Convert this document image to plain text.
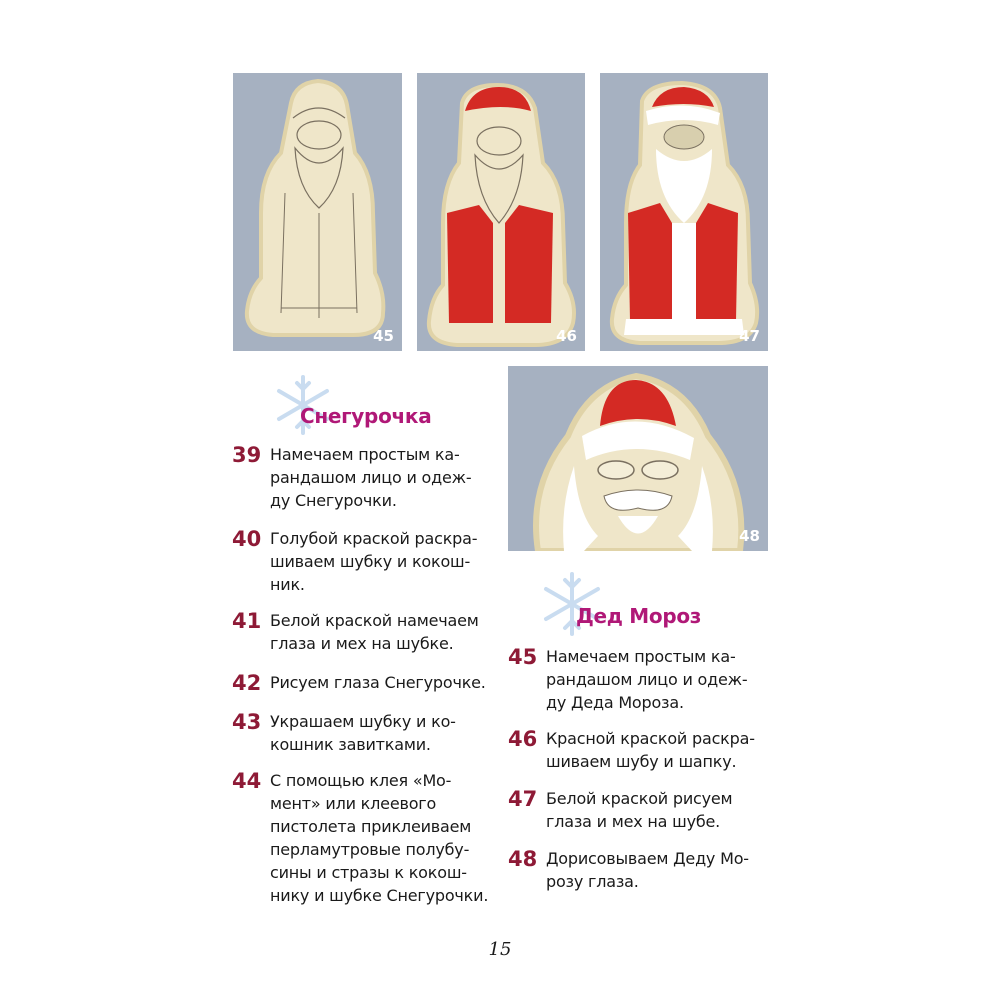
45	46	47
48
Снегурочка
39 Намечаем простым ка-
рандашом лицо и одеж-
ду Снегурочки.
40 Голубой краской раскра-
шиваем шубку и кокош-
ник.
41 Белой краской намечаем
глаза и мех на шубке.
42 Рисуем глаза Снегурочке.
43 Украшаем шубку и ко-
кошник завитками.
44 С помощью клея «Мо-
мент» или клеевого
пистолета приклеиваем
перламутровые полубу-
сины и стразы к кокош-
нику и шубке Снегурочки.
Дед Мороз
45 Намечаем простым ка-
рандашом лицо и одеж-
ду Деда Мороза.
46 Красной краской раскра-
шиваем шубу и шапку.
47 Белой краской рисуем
глаза и мех на шубе.
48 Дорисовываем Деду Мо-
розу глаза.
15
